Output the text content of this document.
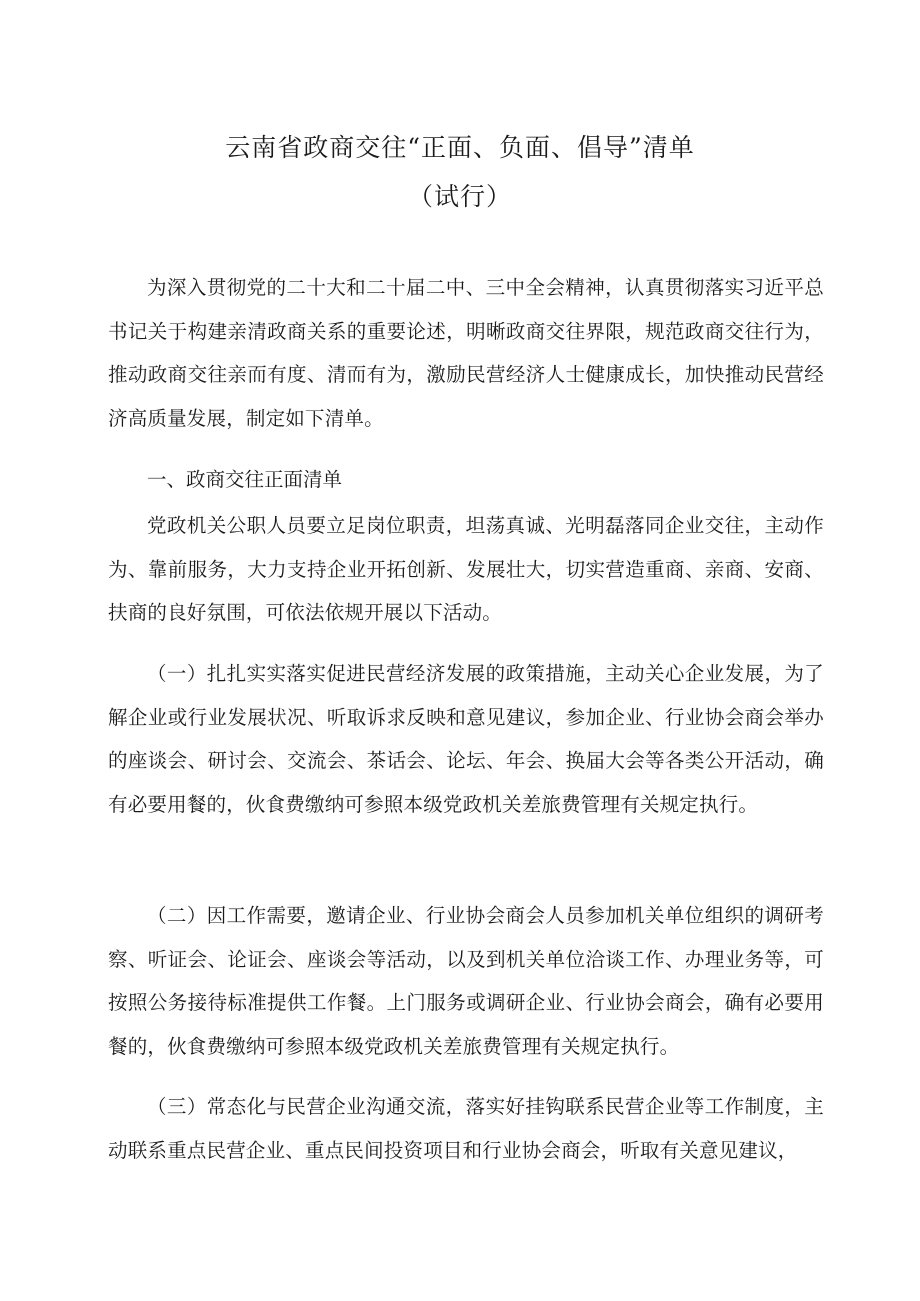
云南省政商交往“正面、负面、倡导”清单
（试行）

为深入贯彻党的二十大和二十届二中、三中全会精神，认真贯彻落实习近平总书记关于构建亲清政商关系的重要论述，明晰政商交往界限，规范政商交往行为，推动政商交往亲而有度、清而有为，激励民营经济人士健康成长，加快推动民营经济高质量发展，制定如下清单。

一、政商交往正面清单

党政机关公职人员要立足岗位职责，坦荡真诚、光明磊落同企业交往，主动作为、靠前服务，大力支持企业开拓创新、发展壮大，切实营造重商、亲商、安商、扶商的良好氛围，可依法依规开展以下活动。

（一）扎扎实实落实促进民营经济发展的政策措施，主动关心企业发展，为了解企业或行业发展状况、听取诉求反映和意见建议，参加企业、行业协会商会举办的座谈会、研讨会、交流会、茶话会、论坛、年会、换届大会等各类公开活动，确有必要用餐的，伙食费缴纳可参照本级党政机关差旅费管理有关规定执行。

（二）因工作需要，邀请企业、行业协会商会人员参加机关单位组织的调研考察、听证会、论证会、座谈会等活动，以及到机关单位洽谈工作、办理业务等，可按照公务接待标准提供工作餐。上门服务或调研企业、行业协会商会，确有必要用餐的，伙食费缴纳可参照本级党政机关差旅费管理有关规定执行。

（三）常态化与民营企业沟通交流，落实好挂钩联系民营企业等工作制度，主动联系重点民营企业、重点民间投资项目和行业协会商会，听取有关意见建议，
